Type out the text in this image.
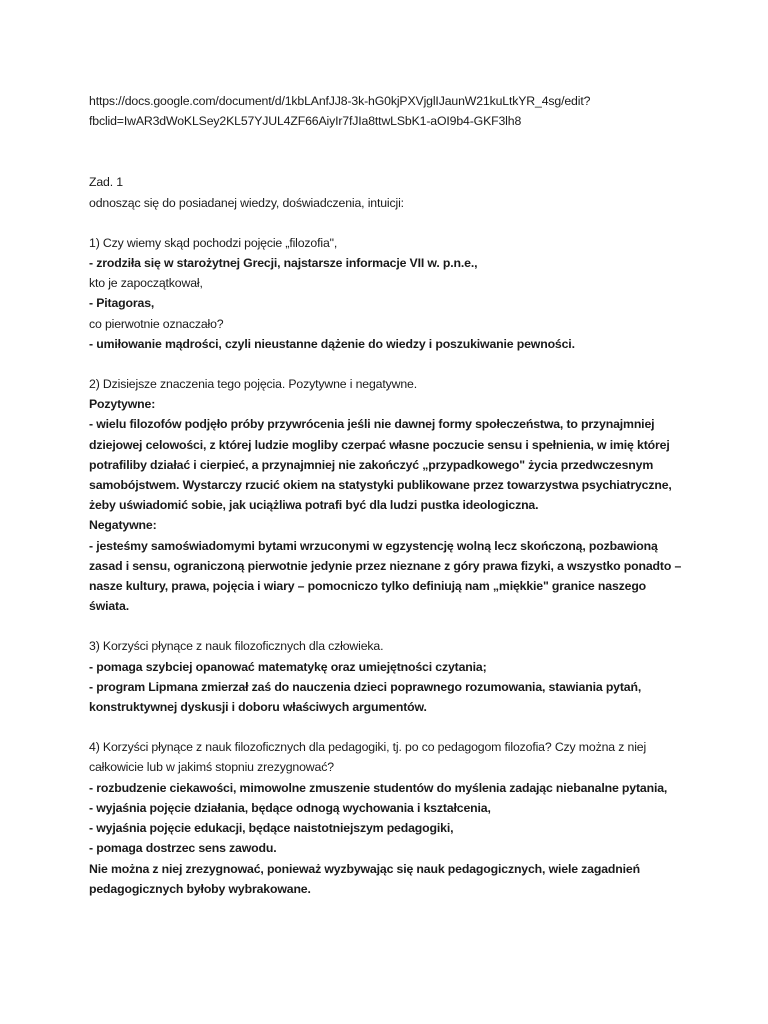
https://docs.google.com/document/d/1kbLAnfJJ8-3k-hG0kjPXVjglIJaunW21kuLtkYR_4sg/edit?
fbclid=IwAR3dWoKLSey2KL57YJUL4ZF66AiyIr7fJIa8ttwLSbK1-aOI9b4-GKF3lh8
Zad. 1
odnosząc się do posiadanej wiedzy, doświadczenia, intuicji:
1) Czy wiemy skąd pochodzi pojęcie „filozofia",
- zrodziła się w starożytnej Grecji, najstarsze informacje VII w. p.n.e.,
kto je zapoczątkował,
- Pitagoras,
co pierwotnie oznaczało?
- umiłowanie mądrości, czyli nieustanne dążenie do wiedzy i poszukiwanie pewności.
2) Dzisiejsze znaczenia tego pojęcia. Pozytywne i negatywne.
Pozytywne:
- wielu filozofów podjęło próby przywrócenia jeśli nie dawnej formy społeczeństwa, to przynajmniej
dziejowej celowości, z której ludzie mogliby czerpać własne poczucie sensu i spełnienia, w imię której
potrafiliby działać i cierpieć, a przynajmniej nie zakończyć „przypadkowego" życia przedwczesnym
samobójstwem. Wystarczy rzucić okiem na statystyki publikowane przez towarzystwa psychiatryczne,
żeby uświadomić sobie, jak uciążliwa potrafi być dla ludzi pustka ideologiczna.
Negatywne:
- jesteśmy samoświadomymi bytami wrzuconymi w egzystencję wolną lecz skończoną, pozbawioną
zasad i sensu, ograniczoną pierwotnie jedynie przez nieznane z góry prawa fizyki, a wszystko ponadto –
nasze kultury, prawa, pojęcia i wiary – pomocniczo tylko definiują nam „miękkie" granice naszego
świata.
3) Korzyści płynące z nauk filozoficznych dla człowieka.
- pomaga szybciej opanować matematykę oraz umiejętności czytania;
- program Lipmana zmierzał zaś do nauczenia dzieci poprawnego rozumowania, stawiania pytań,
konstruktywnej dyskusji i doboru właściwych argumentów.
4) Korzyści płynące z nauk filozoficznych dla pedagogiki, tj. po co pedagogom filozofia? Czy można z niej
całkowicie lub w jakimś stopniu zrezygnować?
- rozbudzenie ciekawości, mimowolne zmuszenie studentów do myślenia zadając niebanalne pytania,
- wyjaśnia pojęcie działania, będące odnogą wychowania i kształcenia,
- wyjaśnia pojęcie edukacji, będące naistotniejszym pedagogiki,
- pomaga dostrzec sens zawodu.
Nie można z niej zrezygnować, ponieważ wyzbywając się nauk pedagogicznych, wiele zagadnień
pedagogicznych byłoby wybrakowane.
